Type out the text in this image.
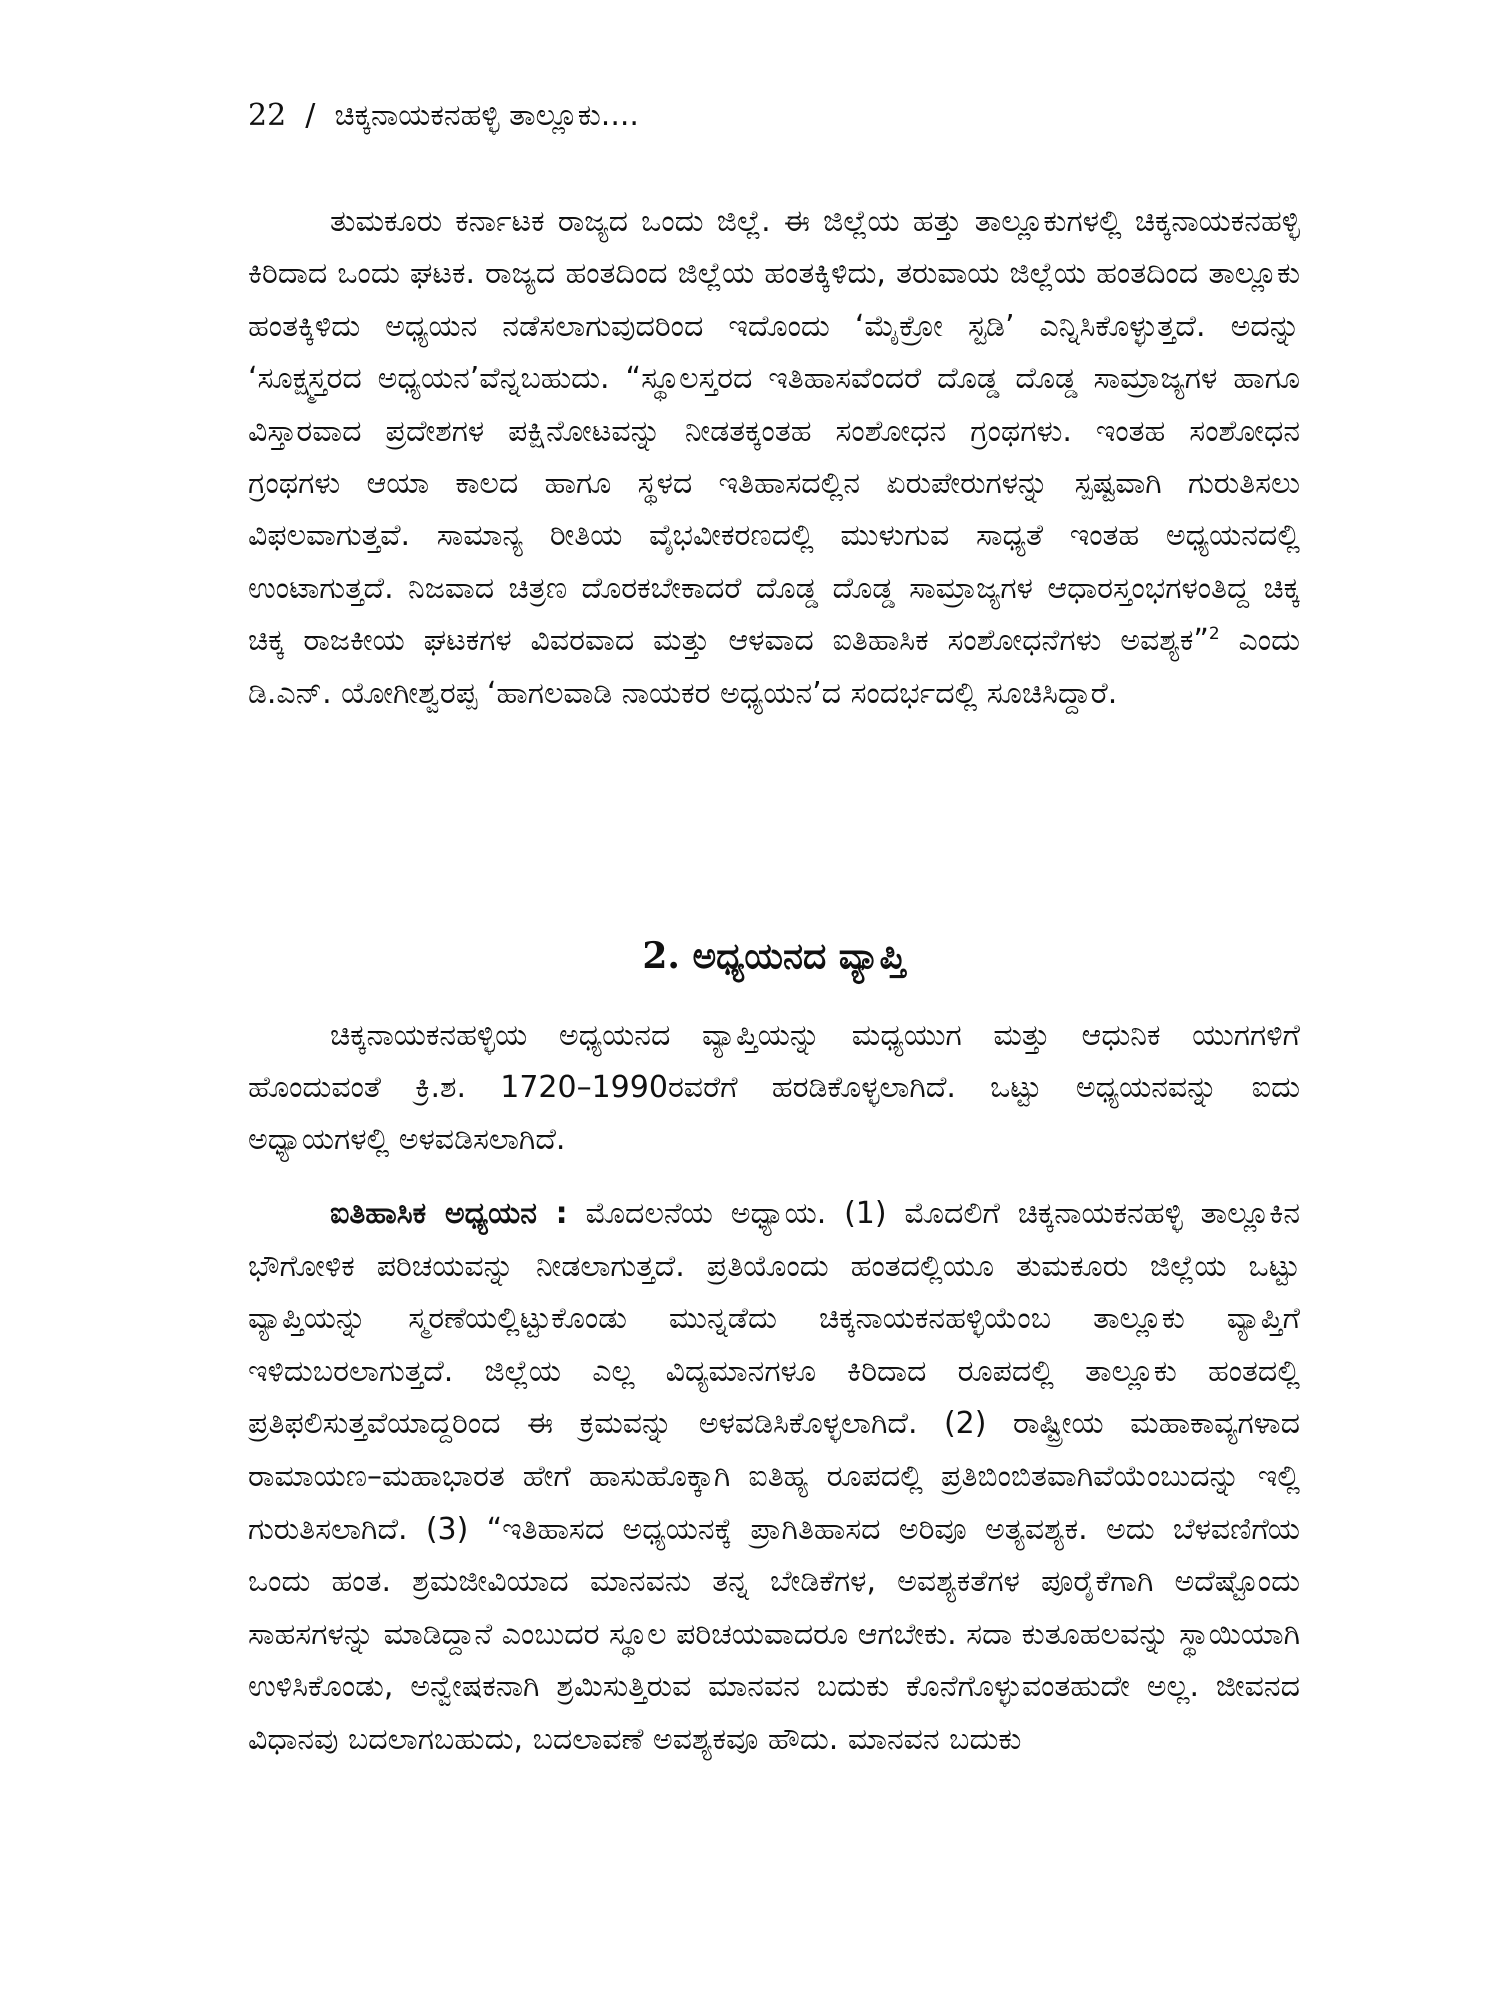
22 / ಚಿಕ್ಕನಾಯಕನಹಳ್ಳಿ ತಾಲ್ಲೂಕು....

ತುಮಕೂರು ಕರ್ನಾಟಕ ರಾಜ್ಯದ ಒಂದು ಜಿಲ್ಲೆ. ಈ ಜಿಲ್ಲೆಯ ಹತ್ತು ತಾಲ್ಲೂಕುಗಳಲ್ಲಿ ಚಿಕ್ಕನಾಯಕನಹಳ್ಳಿ ಕಿರಿದಾದ ಒಂದು ಘಟಕ. ರಾಜ್ಯದ ಹಂತದಿಂದ ಜಿಲ್ಲೆಯ ಹಂತಕ್ಕಿಳಿದು, ತರುವಾಯ ಜಿಲ್ಲೆಯ ಹಂತದಿಂದ ತಾಲ್ಲೂಕು ಹಂತಕ್ಕಿಳಿದು ಅಧ್ಯಯನ ನಡೆಸಲಾಗುವುದರಿಂದ ಇದೊಂದು ‘ಮೈಕ್ರೋ ಸ್ಟಡಿ’ ಎನ್ನಿಸಿಕೊಳ್ಳುತ್ತದೆ. ಅದನ್ನು ‘ಸೂಕ್ಷ್ಮಸ್ತರದ ಅಧ್ಯಯನ’ವೆನ್ನಬಹುದು. “ಸ್ಥೂಲಸ್ತರದ ಇತಿಹಾಸವೆಂದರೆ ದೊಡ್ಡ ದೊಡ್ಡ ಸಾಮ್ರಾಜ್ಯಗಳ ಹಾಗೂ ವಿಸ್ತಾರವಾದ ಪ್ರದೇಶಗಳ ಪಕ್ಷಿನೋಟವನ್ನು ನೀಡತಕ್ಕಂತಹ ಸಂಶೋಧನ ಗ್ರಂಥಗಳು. ಇಂತಹ ಸಂಶೋಧನ ಗ್ರಂಥಗಳು ಆಯಾ ಕಾಲದ ಹಾಗೂ ಸ್ಥಳದ ಇತಿಹಾಸದಲ್ಲಿನ ಏರುಪೇರುಗಳನ್ನು ಸ್ಪಷ್ಟವಾಗಿ ಗುರುತಿಸಲು ವಿಫಲವಾಗುತ್ತವೆ. ಸಾಮಾನ್ಯ ರೀತಿಯ ವೈಭವೀಕರಣದಲ್ಲಿ ಮುಳುಗುವ ಸಾಧ್ಯತೆ ಇಂತಹ ಅಧ್ಯಯನದಲ್ಲಿ ಉಂಟಾಗುತ್ತದೆ. ನಿಜವಾದ ಚಿತ್ರಣ ದೊರಕಬೇಕಾದರೆ ದೊಡ್ಡ ದೊಡ್ಡ ಸಾಮ್ರಾಜ್ಯಗಳ ಆಧಾರಸ್ತಂಭಗಳಂತಿದ್ದ ಚಿಕ್ಕ ಚಿಕ್ಕ ರಾಜಕೀಯ ಘಟಕಗಳ ವಿವರವಾದ ಮತ್ತು ಆಳವಾದ ಐತಿಹಾಸಿಕ ಸಂಶೋಧನೆಗಳು ಅವಶ್ಯಕ”$^2$ ಎಂದು ಡಿ.ಎನ್. ಯೋಗೀಶ್ವರಪ್ಪ ‘ಹಾಗಲವಾಡಿ ನಾಯಕರ ಅಧ್ಯಯನ’ದ ಸಂದರ್ಭದಲ್ಲಿ ಸೂಚಿಸಿದ್ದಾರೆ.

2. ಅಧ್ಯಯನದ ವ್ಯಾಪ್ತಿ

ಚಿಕ್ಕನಾಯಕನಹಳ್ಳಿಯ ಅಧ್ಯಯನದ ವ್ಯಾಪ್ತಿಯನ್ನು ಮಧ್ಯಯುಗ ಮತ್ತು ಆಧುನಿಕ ಯುಗಗಳಿಗೆ ಹೊಂದುವಂತೆ ಕ್ರಿ.ಶ. 1720–1990ರವರೆಗೆ ಹರಡಿಕೊಳ್ಳಲಾಗಿದೆ. ಒಟ್ಟು ಅಧ್ಯಯನವನ್ನು ಐದು ಅಧ್ಯಾಯಗಳಲ್ಲಿ ಅಳವಡಿಸಲಾಗಿದೆ.

ಐತಿಹಾಸಿಕ ಅಧ್ಯಯನ : ಮೊದಲನೆಯ ಅಧ್ಯಾಯ. (1) ಮೊದಲಿಗೆ ಚಿಕ್ಕನಾಯಕನಹಳ್ಳಿ ತಾಲ್ಲೂಕಿನ ಭೌಗೋಳಿಕ ಪರಿಚಯವನ್ನು ನೀಡಲಾಗುತ್ತದೆ. ಪ್ರತಿಯೊಂದು ಹಂತದಲ್ಲಿಯೂ ತುಮಕೂರು ಜಿಲ್ಲೆಯ ಒಟ್ಟು ವ್ಯಾಪ್ತಿಯನ್ನು ಸ್ಮರಣೆಯಲ್ಲಿಟ್ಟುಕೊಂಡು ಮುನ್ನಡೆದು ಚಿಕ್ಕನಾಯಕನಹಳ್ಳಿಯೆಂಬ ತಾಲ್ಲೂಕು ವ್ಯಾಪ್ತಿಗೆ ಇಳಿದುಬರಲಾಗುತ್ತದೆ. ಜಿಲ್ಲೆಯ ಎಲ್ಲ ವಿದ್ಯಮಾನಗಳೂ ಕಿರಿದಾದ ರೂಪದಲ್ಲಿ ತಾಲ್ಲೂಕು ಹಂತದಲ್ಲಿ ಪ್ರತಿಫಲಿಸುತ್ತವೆಯಾದ್ದರಿಂದ ಈ ಕ್ರಮವನ್ನು ಅಳವಡಿಸಿಕೊಳ್ಳಲಾಗಿದೆ. (2) ರಾಷ್ಟ್ರೀಯ ಮಹಾಕಾವ್ಯಗಳಾದ ರಾಮಾಯಣ–ಮಹಾಭಾರತ ಹೇಗೆ ಹಾಸುಹೊಕ್ಕಾಗಿ ಐತಿಹ್ಯ ರೂಪದಲ್ಲಿ ಪ್ರತಿಬಿಂಬಿತವಾಗಿವೆಯೆಂಬುದನ್ನು ಇಲ್ಲಿ ಗುರುತಿಸಲಾಗಿದೆ. (3) “ಇತಿಹಾಸದ ಅಧ್ಯಯನಕ್ಕೆ ಪ್ರಾಗಿತಿಹಾಸದ ಅರಿವೂ ಅತ್ಯವಶ್ಯಕ. ಅದು ಬೆಳವಣಿಗೆಯ ಒಂದು ಹಂತ. ಶ್ರಮಜೀವಿಯಾದ ಮಾನವನು ತನ್ನ ಬೇಡಿಕೆಗಳ, ಅವಶ್ಯಕತೆಗಳ ಪೂರೈಕೆಗಾಗಿ ಅದೆಷ್ಟೊಂದು ಸಾಹಸಗಳನ್ನು ಮಾಡಿದ್ದಾನೆ ಎಂಬುದರ ಸ್ಥೂಲ ಪರಿಚಯವಾದರೂ ಆಗಬೇಕು. ಸದಾ ಕುತೂಹಲವನ್ನು ಸ್ಥಾಯಿಯಾಗಿ ಉಳಿಸಿಕೊಂಡು, ಅನ್ವೇಷಕನಾಗಿ ಶ್ರಮಿಸುತ್ತಿರುವ ಮಾನವನ ಬದುಕು ಕೊನೆಗೊಳ್ಳುವಂತಹುದೇ ಅಲ್ಲ. ಜೀವನದ ವಿಧಾನವು ಬದಲಾಗಬಹುದು, ಬದಲಾವಣೆ ಅವಶ್ಯಕವೂ ಹೌದು. ಮಾನವನ ಬದುಕು
